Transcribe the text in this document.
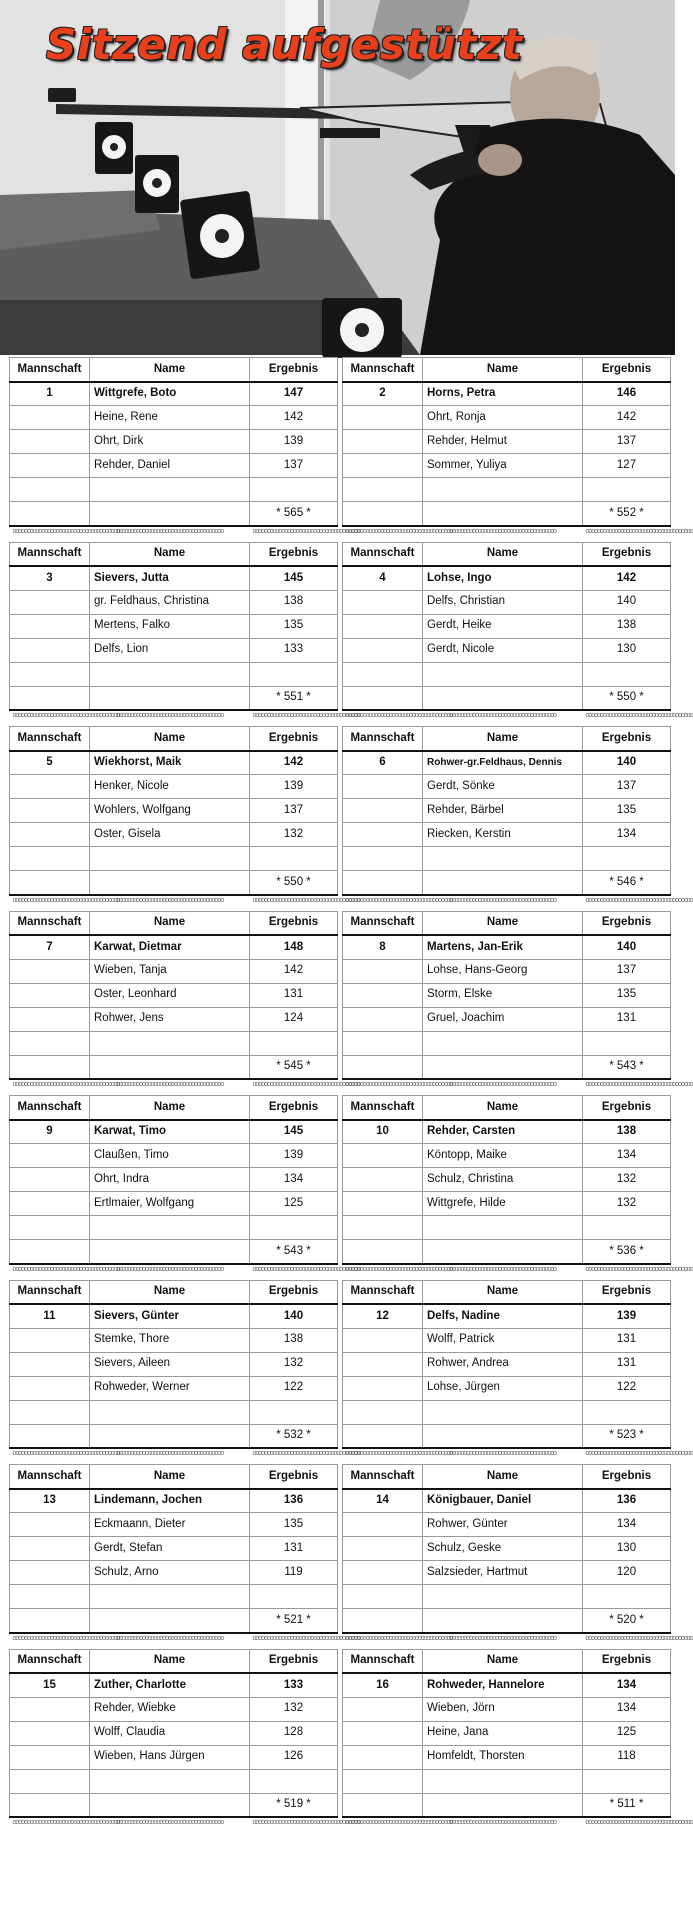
Sitzend aufgestützt
Mannschaft	Name	Ergebnis
1	Wittgrefe, Boto	147
	Heine, Rene	142
	Ohrt, Dirk	139
	Rehder, Daniel	137

		* 565 *
ooooooooooooooooooooooooooooooooooooo	ooooooooooooooooooooooooooooooooooooo	ooooooooooooooooooooooooooooooooooooo
Mannschaft	Name	Ergebnis
2	Horns, Petra	146
	Ohrt, Ronja	142
	Rehder, Helmut	137
	Sommer, Yuliya	127

		* 552 *
ooooooooooooooooooooooooooooooooooooo	ooooooooooooooooooooooooooooooooooooo	ooooooooooooooooooooooooooooooooooooo
Mannschaft	Name	Ergebnis
3	Sievers, Jutta	145
	gr. Feldhaus, Christina	138
	Mertens, Falko	135
	Delfs, Lion	133

		* 551 *
ooooooooooooooooooooooooooooooooooooo	ooooooooooooooooooooooooooooooooooooo	ooooooooooooooooooooooooooooooooooooo
Mannschaft	Name	Ergebnis
4	Lohse, Ingo	142
	Delfs, Christian	140
	Gerdt, Heike	138
	Gerdt, Nicole	130

		* 550 *
ooooooooooooooooooooooooooooooooooooo	ooooooooooooooooooooooooooooooooooooo	ooooooooooooooooooooooooooooooooooooo
Mannschaft	Name	Ergebnis
5	Wiekhorst, Maik	142
	Henker, Nicole	139
	Wohlers, Wolfgang	137
	Oster, Gisela	132

		* 550 *
ooooooooooooooooooooooooooooooooooooo	ooooooooooooooooooooooooooooooooooooo	ooooooooooooooooooooooooooooooooooooo
Mannschaft	Name	Ergebnis
6	Rohwer-gr.Feldhaus, Dennis	140
	Gerdt, Sönke	137
	Rehder, Bärbel	135
	Riecken, Kerstin	134

		* 546 *
ooooooooooooooooooooooooooooooooooooo	ooooooooooooooooooooooooooooooooooooo	ooooooooooooooooooooooooooooooooooooo
Mannschaft	Name	Ergebnis
7	Karwat, Dietmar	148
	Wieben, Tanja	142
	Oster, Leonhard	131
	Rohwer, Jens	124

		* 545 *
ooooooooooooooooooooooooooooooooooooo	ooooooooooooooooooooooooooooooooooooo	ooooooooooooooooooooooooooooooooooooo
Mannschaft	Name	Ergebnis
8	Martens, Jan-Erik	140
	Lohse, Hans-Georg	137
	Storm, Elske	135
	Gruel, Joachim	131

		* 543 *
ooooooooooooooooooooooooooooooooooooo	ooooooooooooooooooooooooooooooooooooo	ooooooooooooooooooooooooooooooooooooo
Mannschaft	Name	Ergebnis
9	Karwat, Timo	145
	Claußen, Timo	139
	Ohrt, Indra	134
	Ertlmaier, Wolfgang	125

		* 543 *
ooooooooooooooooooooooooooooooooooooo	ooooooooooooooooooooooooooooooooooooo	ooooooooooooooooooooooooooooooooooooo
Mannschaft	Name	Ergebnis
10	Rehder, Carsten	138
	Köntopp, Maike	134
	Schulz, Christina	132
	Wittgrefe, Hilde	132

		* 536 *
ooooooooooooooooooooooooooooooooooooo	ooooooooooooooooooooooooooooooooooooo	ooooooooooooooooooooooooooooooooooooo
Mannschaft	Name	Ergebnis
11	Sievers, Günter	140
	Stemke, Thore	138
	Sievers, Aileen	132
	Rohweder, Werner	122

		* 532 *
ooooooooooooooooooooooooooooooooooooo	ooooooooooooooooooooooooooooooooooooo	ooooooooooooooooooooooooooooooooooooo
Mannschaft	Name	Ergebnis
12	Delfs, Nadine	139
	Wolff, Patrick	131
	Rohwer, Andrea	131
	Lohse, Jürgen	122

		* 523 *
ooooooooooooooooooooooooooooooooooooo	ooooooooooooooooooooooooooooooooooooo	ooooooooooooooooooooooooooooooooooooo
Mannschaft	Name	Ergebnis
13	Lindemann, Jochen	136
	Eckmaann, Dieter	135
	Gerdt, Stefan	131
	Schulz, Arno	119

		* 521 *
ooooooooooooooooooooooooooooooooooooo	ooooooooooooooooooooooooooooooooooooo	ooooooooooooooooooooooooooooooooooooo
Mannschaft	Name	Ergebnis
14	Königbauer, Daniel	136
	Rohwer, Günter	134
	Schulz, Geske	130
	Salzsieder, Hartmut	120

		* 520 *
ooooooooooooooooooooooooooooooooooooo	ooooooooooooooooooooooooooooooooooooo	ooooooooooooooooooooooooooooooooooooo
Mannschaft	Name	Ergebnis
15	Zuther, Charlotte	133
	Rehder, Wiebke	132
	Wolff, Claudia	128
	Wieben, Hans Jürgen	126

		* 519 *
ooooooooooooooooooooooooooooooooooooo	ooooooooooooooooooooooooooooooooooooo	ooooooooooooooooooooooooooooooooooooo
Mannschaft	Name	Ergebnis
16	Rohweder, Hannelore	134
	Wieben, Jörn	134
	Heine, Jana	125
	Homfeldt, Thorsten	118

		* 511 *
ooooooooooooooooooooooooooooooooooooo	ooooooooooooooooooooooooooooooooooooo	ooooooooooooooooooooooooooooooooooooo
